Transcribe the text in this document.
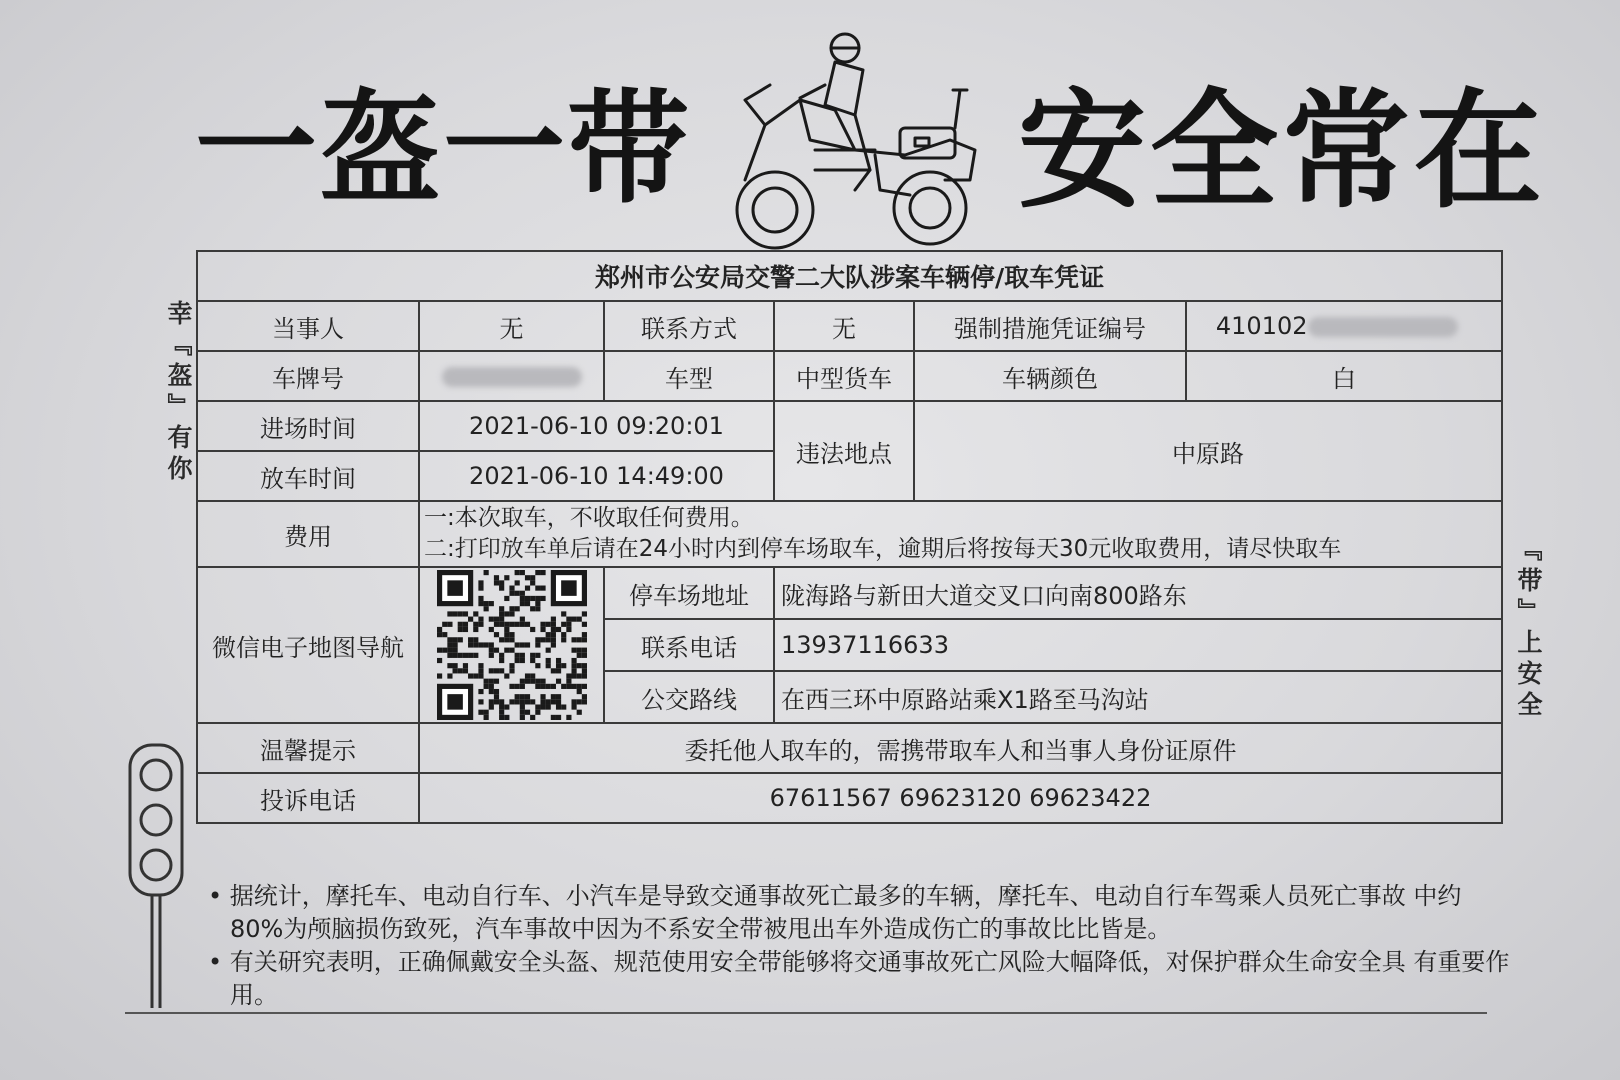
一盔一带	安全常在
幸『盔』有你
『带』上安全
郑州市公安局交警二大队涉案车辆停/取车凭证					
当事人	无	联系方式	无	强制措施凭证编号	410102
车牌号		车型	中型货车	车辆颜色	白
进场时间	2021-06-10 09:20:01		违法地点	中原路	
放车时间	2021-06-10 14:49:00				
费用	一:本次取车，不收取任何费用。
二:打印放车单后请在24小时内到停车场取车，逾期后将按每天30元收取费用，请尽快取车				

微信电子地图导航		停车场地址	陇海路与新田大道交叉口向南800路东		
		联系电话	13937116633		
		公交路线	在西三环中原路站乘X1路至马沟站		
温馨提示	委托他人取车的，需携带取车人和当事人身份证原件				
投诉电话	67611567 69623120 69623422				
• 据统计，摩托车、电动自行车、小汽车是导致交通事故死亡最多的车辆，摩托车、电动自行车驾乘人员死亡事故 中约80%为颅脑损伤致死，汽车事故中因为不系安全带被甩出车外造成伤亡的事故比比皆是。
• 有关研究表明，正确佩戴安全头盔、规范使用安全带能够将交通事故死亡风险大幅降低，对保护群众生命安全具 有重要作用。
